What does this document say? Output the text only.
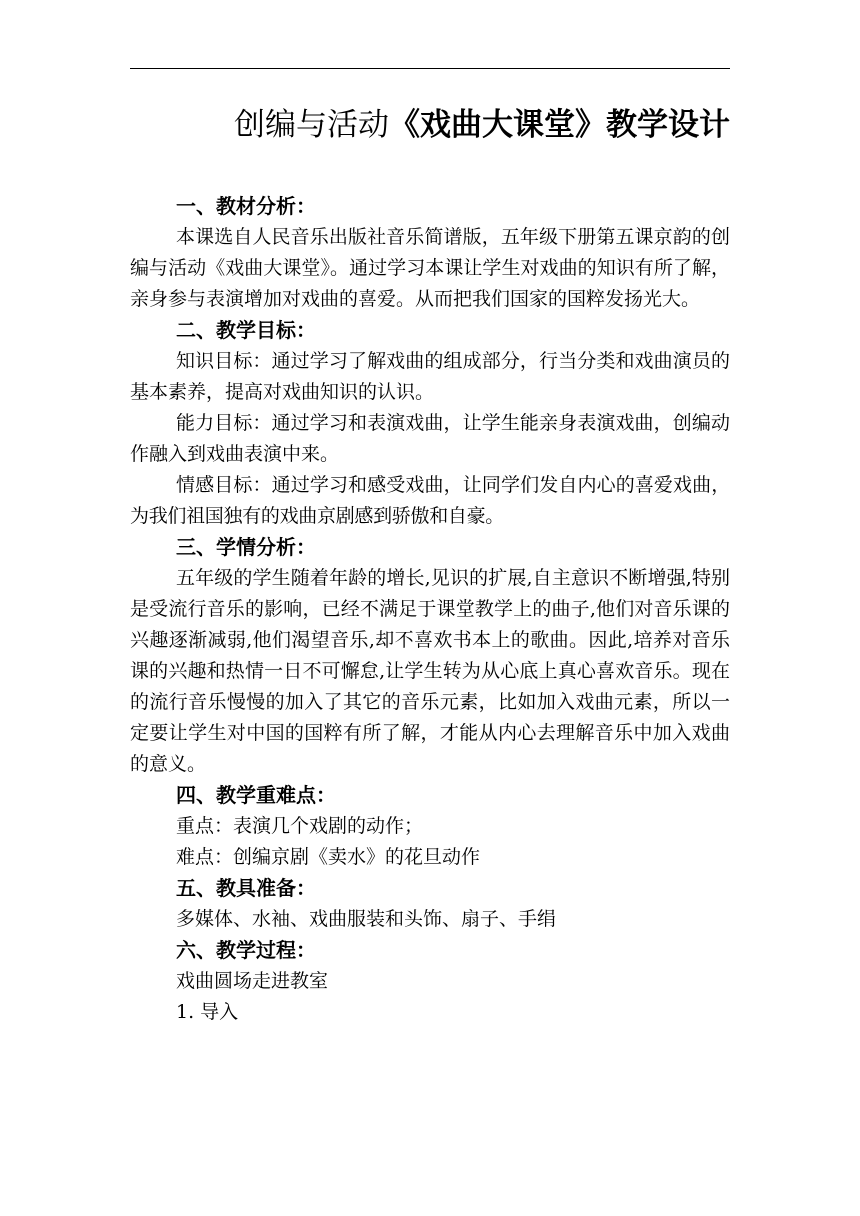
创编与活动《戏曲大课堂》教学设计

一、教材分析：

本课选自人民音乐出版社音乐简谱版，五年级下册第五课京韵的创编与活动《戏曲大课堂》。通过学习本课让学生对戏曲的知识有所了解，亲身参与表演增加对戏曲的喜爱。从而把我们国家的国粹发扬光大。

二、教学目标：

知识目标：通过学习了解戏曲的组成部分，行当分类和戏曲演员的基本素养，提高对戏曲知识的认识。

能力目标：通过学习和表演戏曲，让学生能亲身表演戏曲，创编动作融入到戏曲表演中来。

情感目标：通过学习和感受戏曲，让同学们发自内心的喜爱戏曲，为我们祖国独有的戏曲京剧感到骄傲和自豪。

三、学情分析：

五年级的学生随着年龄的增长,见识的扩展,自主意识不断增强,特别是受流行音乐的影响，已经不满足于课堂教学上的曲子,他们对音乐课的兴趣逐渐减弱,他们渴望音乐,却不喜欢书本上的歌曲。因此,培养对音乐课的兴趣和热情一日不可懈怠,让学生转为从心底上真心喜欢音乐。现在的流行音乐慢慢的加入了其它的音乐元素，比如加入戏曲元素，所以一定要让学生对中国的国粹有所了解，才能从内心去理解音乐中加入戏曲的意义。

四、教学重难点：

重点：表演几个戏剧的动作；

难点：创编京剧《卖水》的花旦动作

五、教具准备：

多媒体、水袖、戏曲服装和头饰、扇子、手绢

六、教学过程：

戏曲圆场走进教室

1. 导入
